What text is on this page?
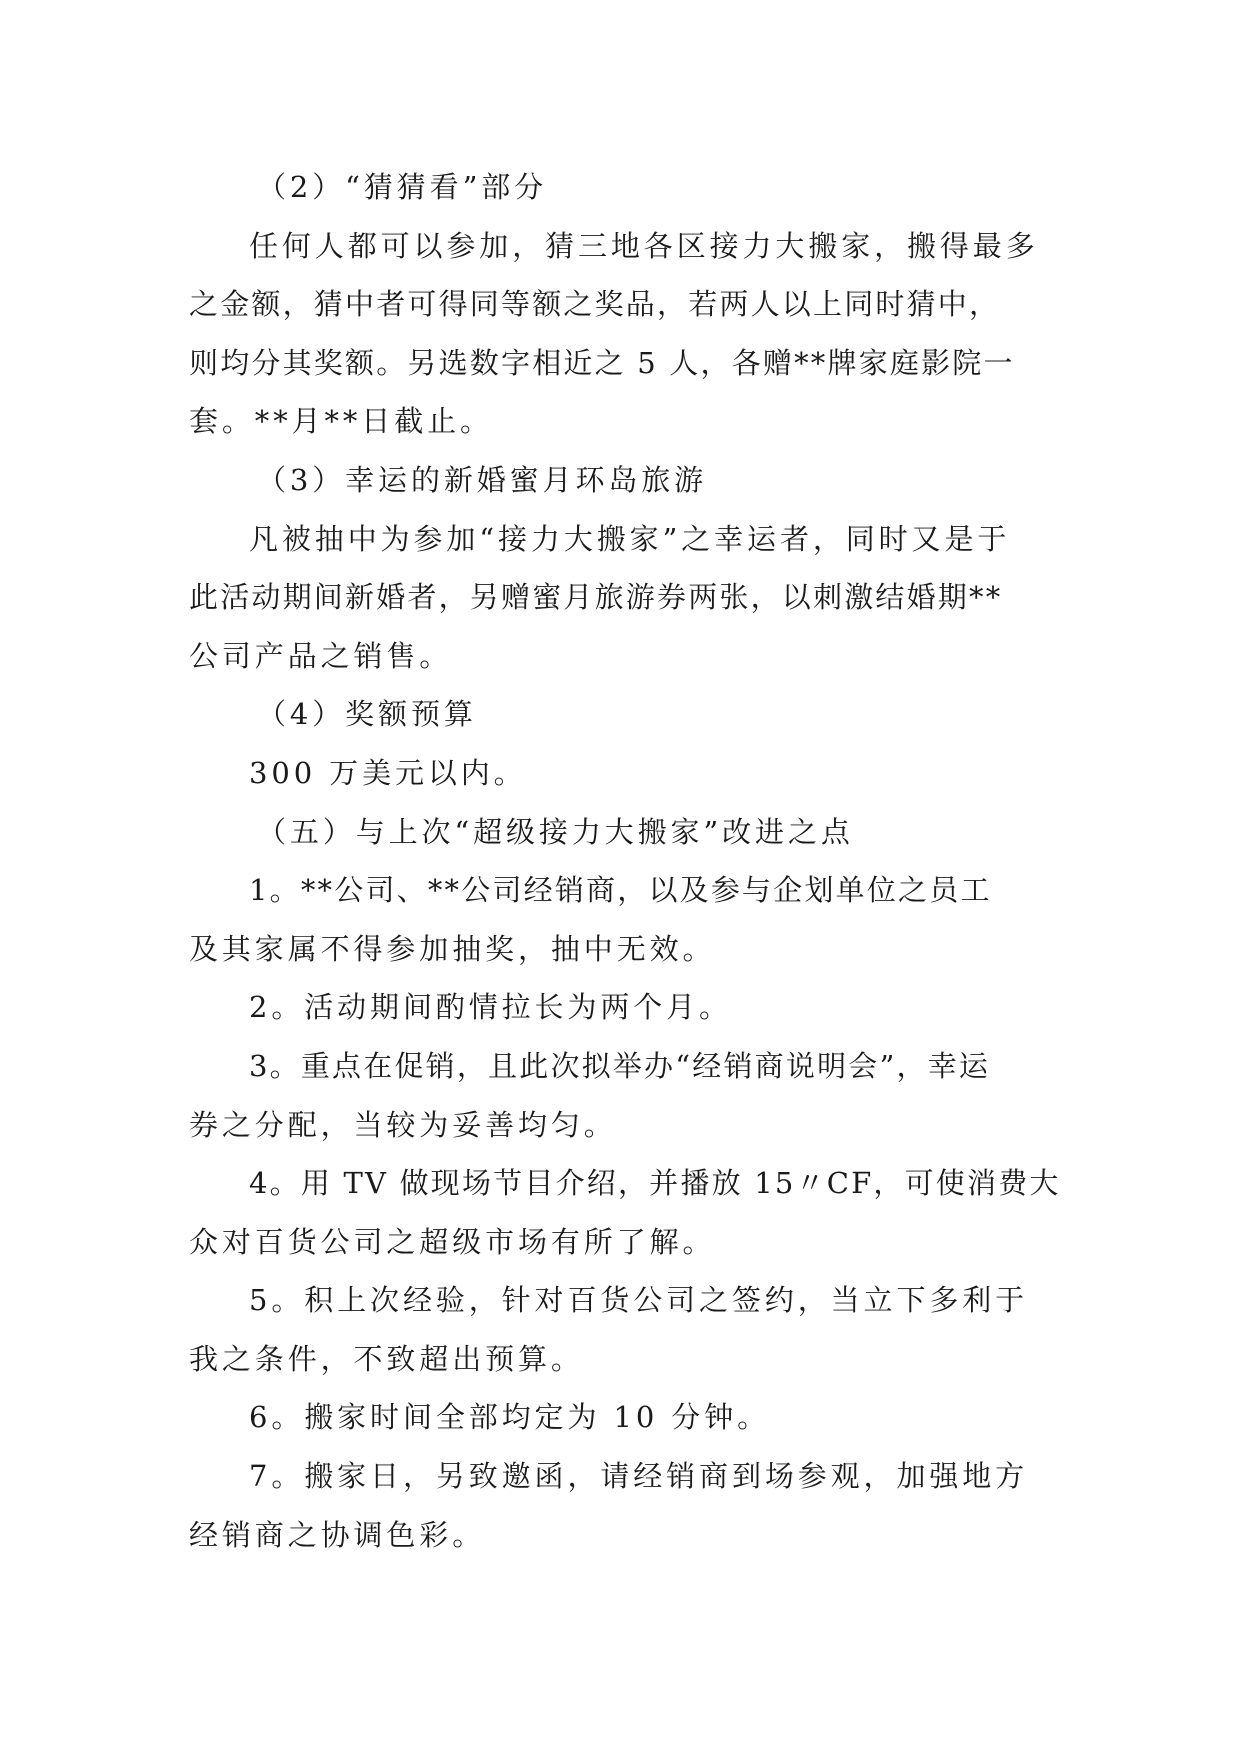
（2）“猜猜看”部分
任何人都可以参加，猜三地各区接力大搬家，搬得最多
之金额，猜中者可得同等额之奖品，若两人以上同时猜中，
则均分其奖额。另选数字相近之 5 人，各赠**牌家庭影院一
套。**月**日截止。
（3）幸运的新婚蜜月环岛旅游
凡被抽中为参加“接力大搬家”之幸运者，同时又是于
此活动期间新婚者，另赠蜜月旅游券两张，以刺激结婚期**
公司产品之销售。
（4）奖额预算
300 万美元以内。
（五）与上次“超级接力大搬家”改进之点
1。**公司、**公司经销商，以及参与企划单位之员工
及其家属不得参加抽奖，抽中无效。
2。活动期间酌情拉长为两个月。
3。重点在促销，且此次拟举办“经销商说明会”，幸运
券之分配，当较为妥善均匀。
4。用 TV 做现场节目介绍，并播放 15〃CF，可使消费大
众对百货公司之超级市场有所了解。
5。积上次经验，针对百货公司之签约，当立下多利于
我之条件，不致超出预算。
6。搬家时间全部均定为 10 分钟。
7。搬家日，另致邀函，请经销商到场参观，加强地方
经销商之协调色彩。
